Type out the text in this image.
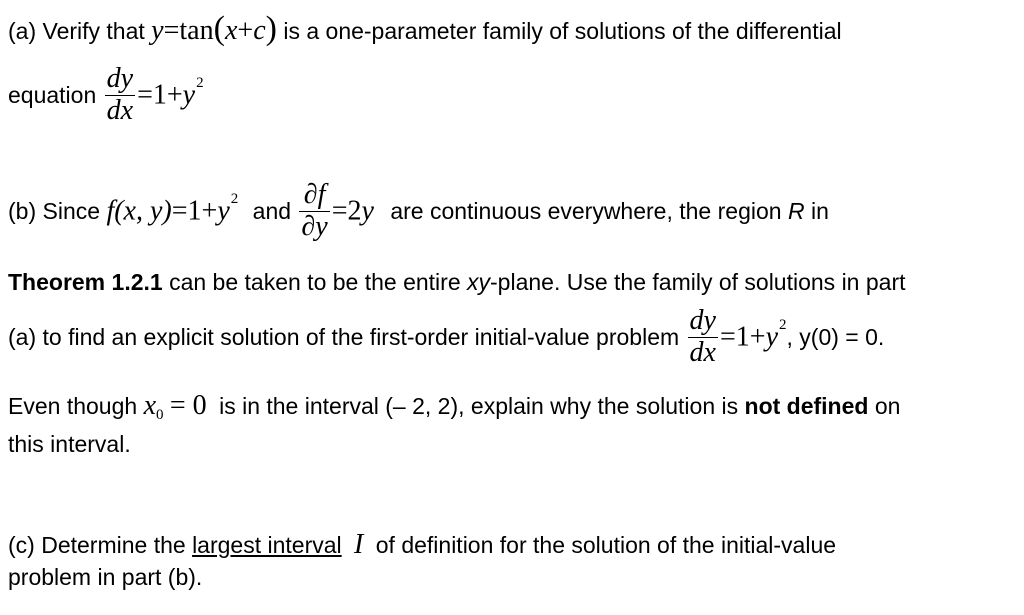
(a) Verify that y=tan(x+c) is a one-parameter family of solutions of the differential
equation $\frac{dy}{dx} =1+y^2$
(b) Since f(x, $y)=1+y^2$ and $\frac{\partial f}{\partial y} =2y$ are continuous everywhere, the region R in
Theorem 1.2.1 can be taken to be the entire xy-plane. Use the family of solutions in part
(a) to find an explicit solution of the first-order initial-value problem $\frac{dy}{dx} =1+y^2$, y(0) = 0.
Even though $x_0 = 0$ is in the interval (– 2, 2), explain why the solution is not defined on
this interval.
(c) Determine the largest interval I of definition for the solution of the initial-value
problem in part (b).
